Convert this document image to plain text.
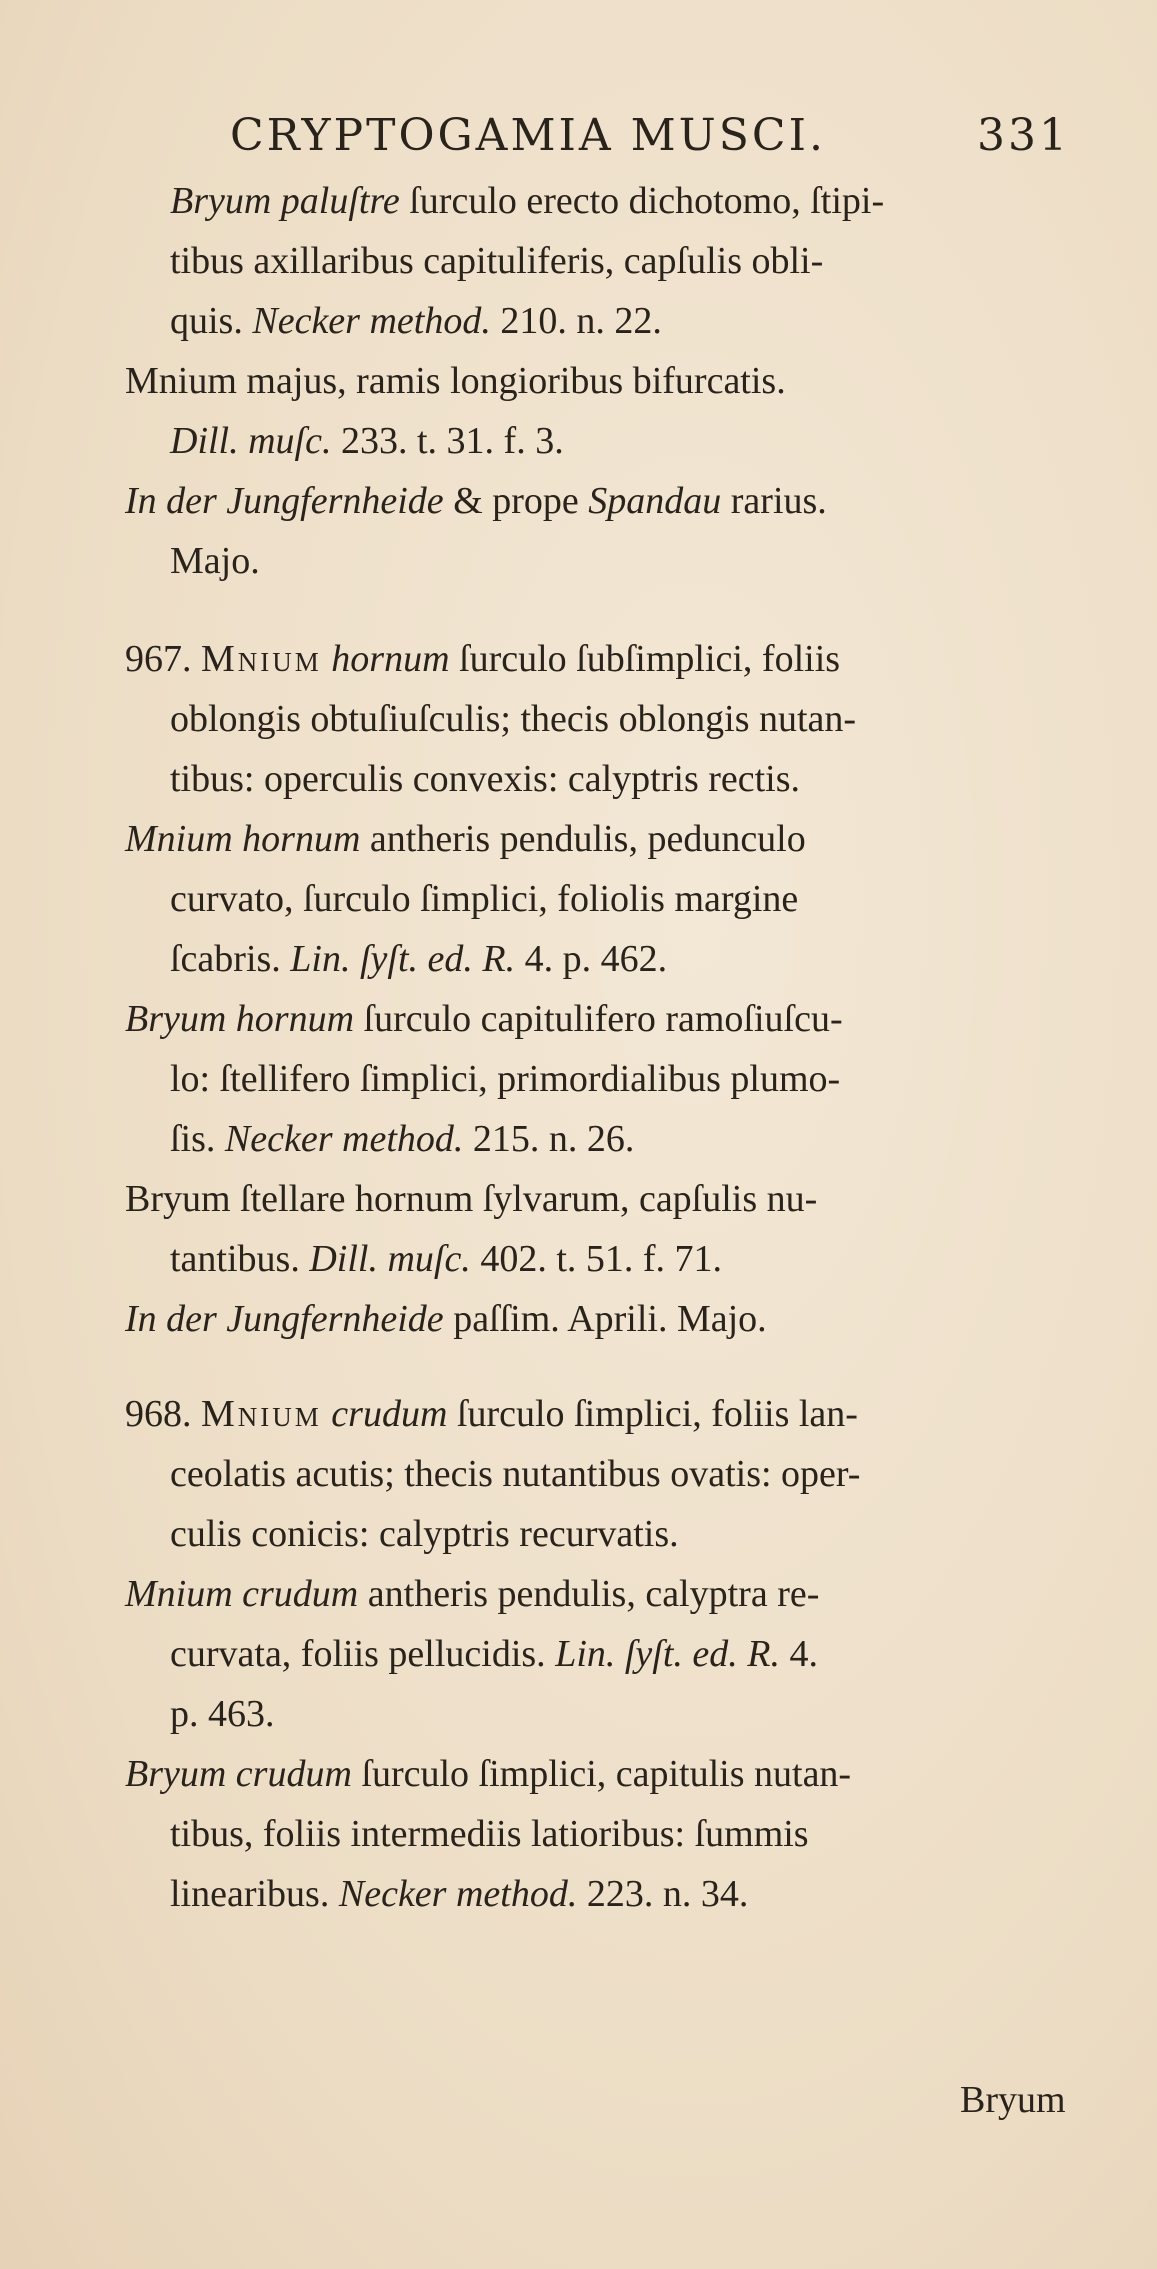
CRYPTOGAMIA MUSCI.	331
Bryum paluſtre ſurculo erecto dichotomo, ſtipi-
tibus axillaribus capituliferis, capſulis obli-
quis. Necker method. 210. n. 22.
Mnium majus, ramis longioribus bifurcatis.
Dill. muſc. 233. t. 31. f. 3.
In der Jungfernheide & prope Spandau rarius.
Majo.
967. Mnium hornum ſurculo ſubſimplici, foliis
oblongis obtuſiuſculis; thecis oblongis nutan-
tibus: operculis convexis: calyptris rectis.
Mnium hornum antheris pendulis, pedunculo
curvato, ſurculo ſimplici, foliolis margine
ſcabris. Lin. ſyſt. ed. R. 4. p. 462.
Bryum hornum ſurculo capitulifero ramoſiuſcu-
lo: ſtellifero ſimplici, primordialibus plumo-
ſis. Necker method. 215. n. 26.
Bryum ſtellare hornum ſylvarum, capſulis nu-
tantibus. Dill. muſc. 402. t. 51. f. 71.
In der Jungfernheide paſſim. Aprili. Majo.
968. Mnium crudum ſurculo ſimplici, foliis lan-
ceolatis acutis; thecis nutantibus ovatis: oper-
culis conicis: calyptris recurvatis.
Mnium crudum antheris pendulis, calyptra re-
curvata, foliis pellucidis. Lin. ſyſt. ed. R. 4.
p. 463.
Bryum crudum ſurculo ſimplici, capitulis nutan-
tibus, foliis intermediis latioribus: ſummis
linearibus. Necker method. 223. n. 34.
Bryum
